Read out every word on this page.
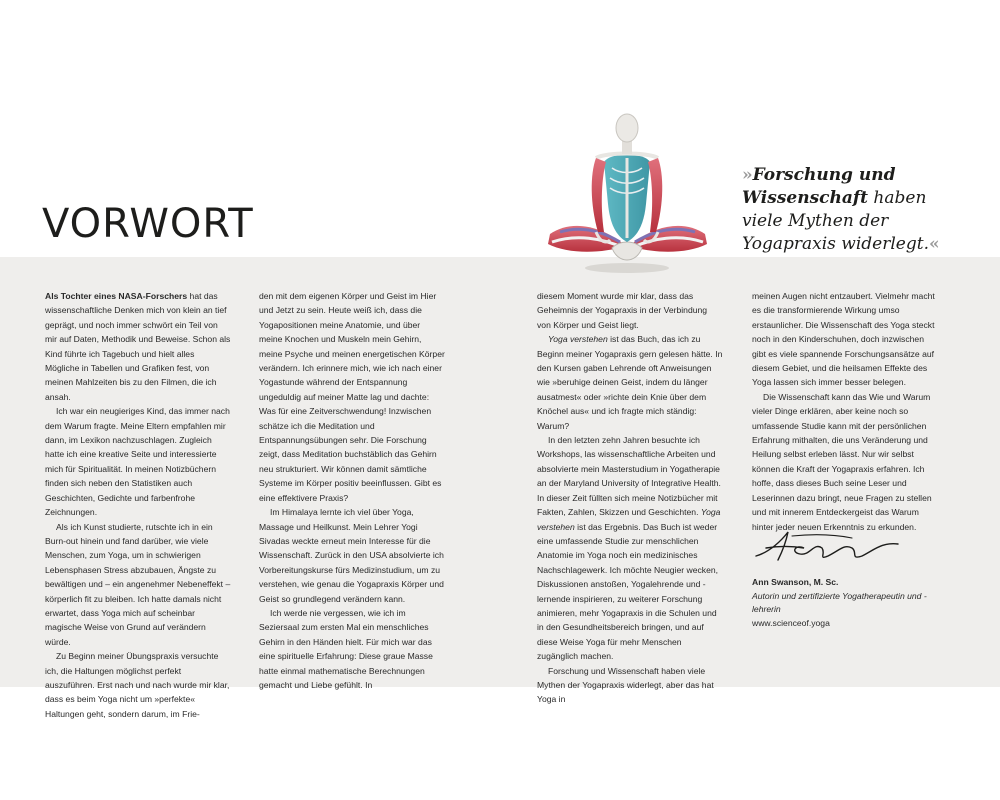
VORWORT
»Forschung und Wissenschaft haben viele Mythen der Yogapraxis widerlegt.«

Als Tochter eines NASA-Forschers hat das wissenschaftliche Denken mich von klein an tief geprägt, und noch immer schwört ein Teil von mir auf Daten, Methodik und Beweise. Schon als Kind führte ich Tagebuch und hielt alles Mögliche in Tabellen und Grafiken fest, von meinen Mahlzeiten bis zu den Filmen, die ich ansah.

Ich war ein neugieriges Kind, das immer nach dem Warum fragte. Meine Eltern empfahlen mir dann, im Lexikon nachzuschlagen. Zugleich hatte ich eine kreative Seite und interessierte mich für Spiritualität. In meinen Notizbüchern finden sich neben den Statistiken auch Geschichten, Gedichte und farbenfrohe Zeichnungen.

Als ich Kunst studierte, rutschte ich in ein Burn-out hinein und fand darüber, wie viele Menschen, zum Yoga, um in schwierigen Lebensphasen Stress abzubauen, Ängste zu bewältigen und – ein angenehmer Nebeneffekt – körperlich fit zu bleiben. Ich hatte damals nicht erwartet, dass Yoga mich auf scheinbar magische Weise von Grund auf verändern würde.

Zu Beginn meiner Übungspraxis versuchte ich, die Haltungen möglichst perfekt auszuführen. Erst nach und nach wurde mir klar, dass es beim Yoga nicht um »perfekte« Haltungen geht, sondern darum, im Frie-

den mit dem eigenen Körper und Geist im Hier und Jetzt zu sein. Heute weiß ich, dass die Yogapositionen meine Anatomie, und über meine Knochen und Muskeln mein Gehirn, meine Psyche und meinen energetischen Körper verändern. Ich erinnere mich, wie ich nach einer Yogastunde während der Entspannung ungeduldig auf meiner Matte lag und dachte: Was für eine Zeitverschwendung! Inzwischen schätze ich die Meditation und Entspannungsübungen sehr. Die Forschung zeigt, dass Meditation buchstäblich das Gehirn neu strukturiert. Wir können damit sämtliche Systeme im Körper positiv beeinflussen. Gibt es eine effektivere Praxis?

Im Himalaya lernte ich viel über Yoga, Massage und Heilkunst. Mein Lehrer Yogi Sivadas weckte erneut mein Interesse für die Wissenschaft. Zurück in den USA absolvierte ich Vorbereitungskurse fürs Medizinstudium, um zu verstehen, wie genau die Yogapraxis Körper und Geist so grundlegend verändern kann.

Ich werde nie vergessen, wie ich im Seziersaal zum ersten Mal ein menschliches Gehirn in den Händen hielt. Für mich war das eine spirituelle Erfahrung: Diese graue Masse hatte einmal mathematische Berechnungen gemacht und Liebe gefühlt. In

diesem Moment wurde mir klar, dass das Geheimnis der Yogapraxis in der Verbindung von Körper und Geist liegt.

Yoga verstehen ist das Buch, das ich zu Beginn meiner Yogapraxis gern gelesen hätte. In den Kursen gaben Lehrende oft Anweisungen wie »beruhige deinen Geist, indem du länger ausatmest« oder »richte dein Knie über dem Knöchel aus« und ich fragte mich ständig: Warum?

In den letzten zehn Jahren besuchte ich Workshops, las wissenschaftliche Arbeiten und absolvierte mein Masterstudium in Yogatherapie an der Maryland University of Integrative Health. In dieser Zeit füllten sich meine Notizbücher mit Fakten, Zahlen, Skizzen und Geschichten. Yoga verstehen ist das Ergebnis. Das Buch ist weder eine umfassende Studie zur menschlichen Anatomie im Yoga noch ein medizinisches Nachschlagewerk. Ich möchte Neugier wecken, Diskussionen anstoßen, Yogalehrende und -lernende inspirieren, zu weiterer Forschung animieren, mehr Yogapraxis in die Schulen und in den Gesundheitsbereich bringen, und auf diese Weise Yoga für mehr Menschen zugänglich machen.

Forschung und Wissenschaft haben viele Mythen der Yogapraxis widerlegt, aber das hat Yoga in

meinen Augen nicht entzaubert. Vielmehr macht es die transformierende Wirkung umso erstaunlicher. Die Wissenschaft des Yoga steckt noch in den Kinderschuhen, doch inzwischen gibt es viele spannende Forschungsansätze auf diesem Gebiet, und die heilsamen Effekte des Yoga lassen sich immer besser belegen.

Die Wissenschaft kann das Wie und Warum vieler Dinge erklären, aber keine noch so umfassende Studie kann mit der persönlichen Erfahrung mithalten, die uns Veränderung und Heilung selbst erleben lässt. Nur wir selbst können die Kraft der Yogapraxis erfahren. Ich hoffe, dass dieses Buch seine Leser und Leserinnen dazu bringt, neue Fragen zu stellen und mit innerem Entdeckergeist das Warum hinter jeder neuen Erkenntnis zu erkunden.

Ann Swanson, M. Sc.
Autorin und zertifizierte Yogatherapeutin und -lehrerin
www.scienceof.yoga
